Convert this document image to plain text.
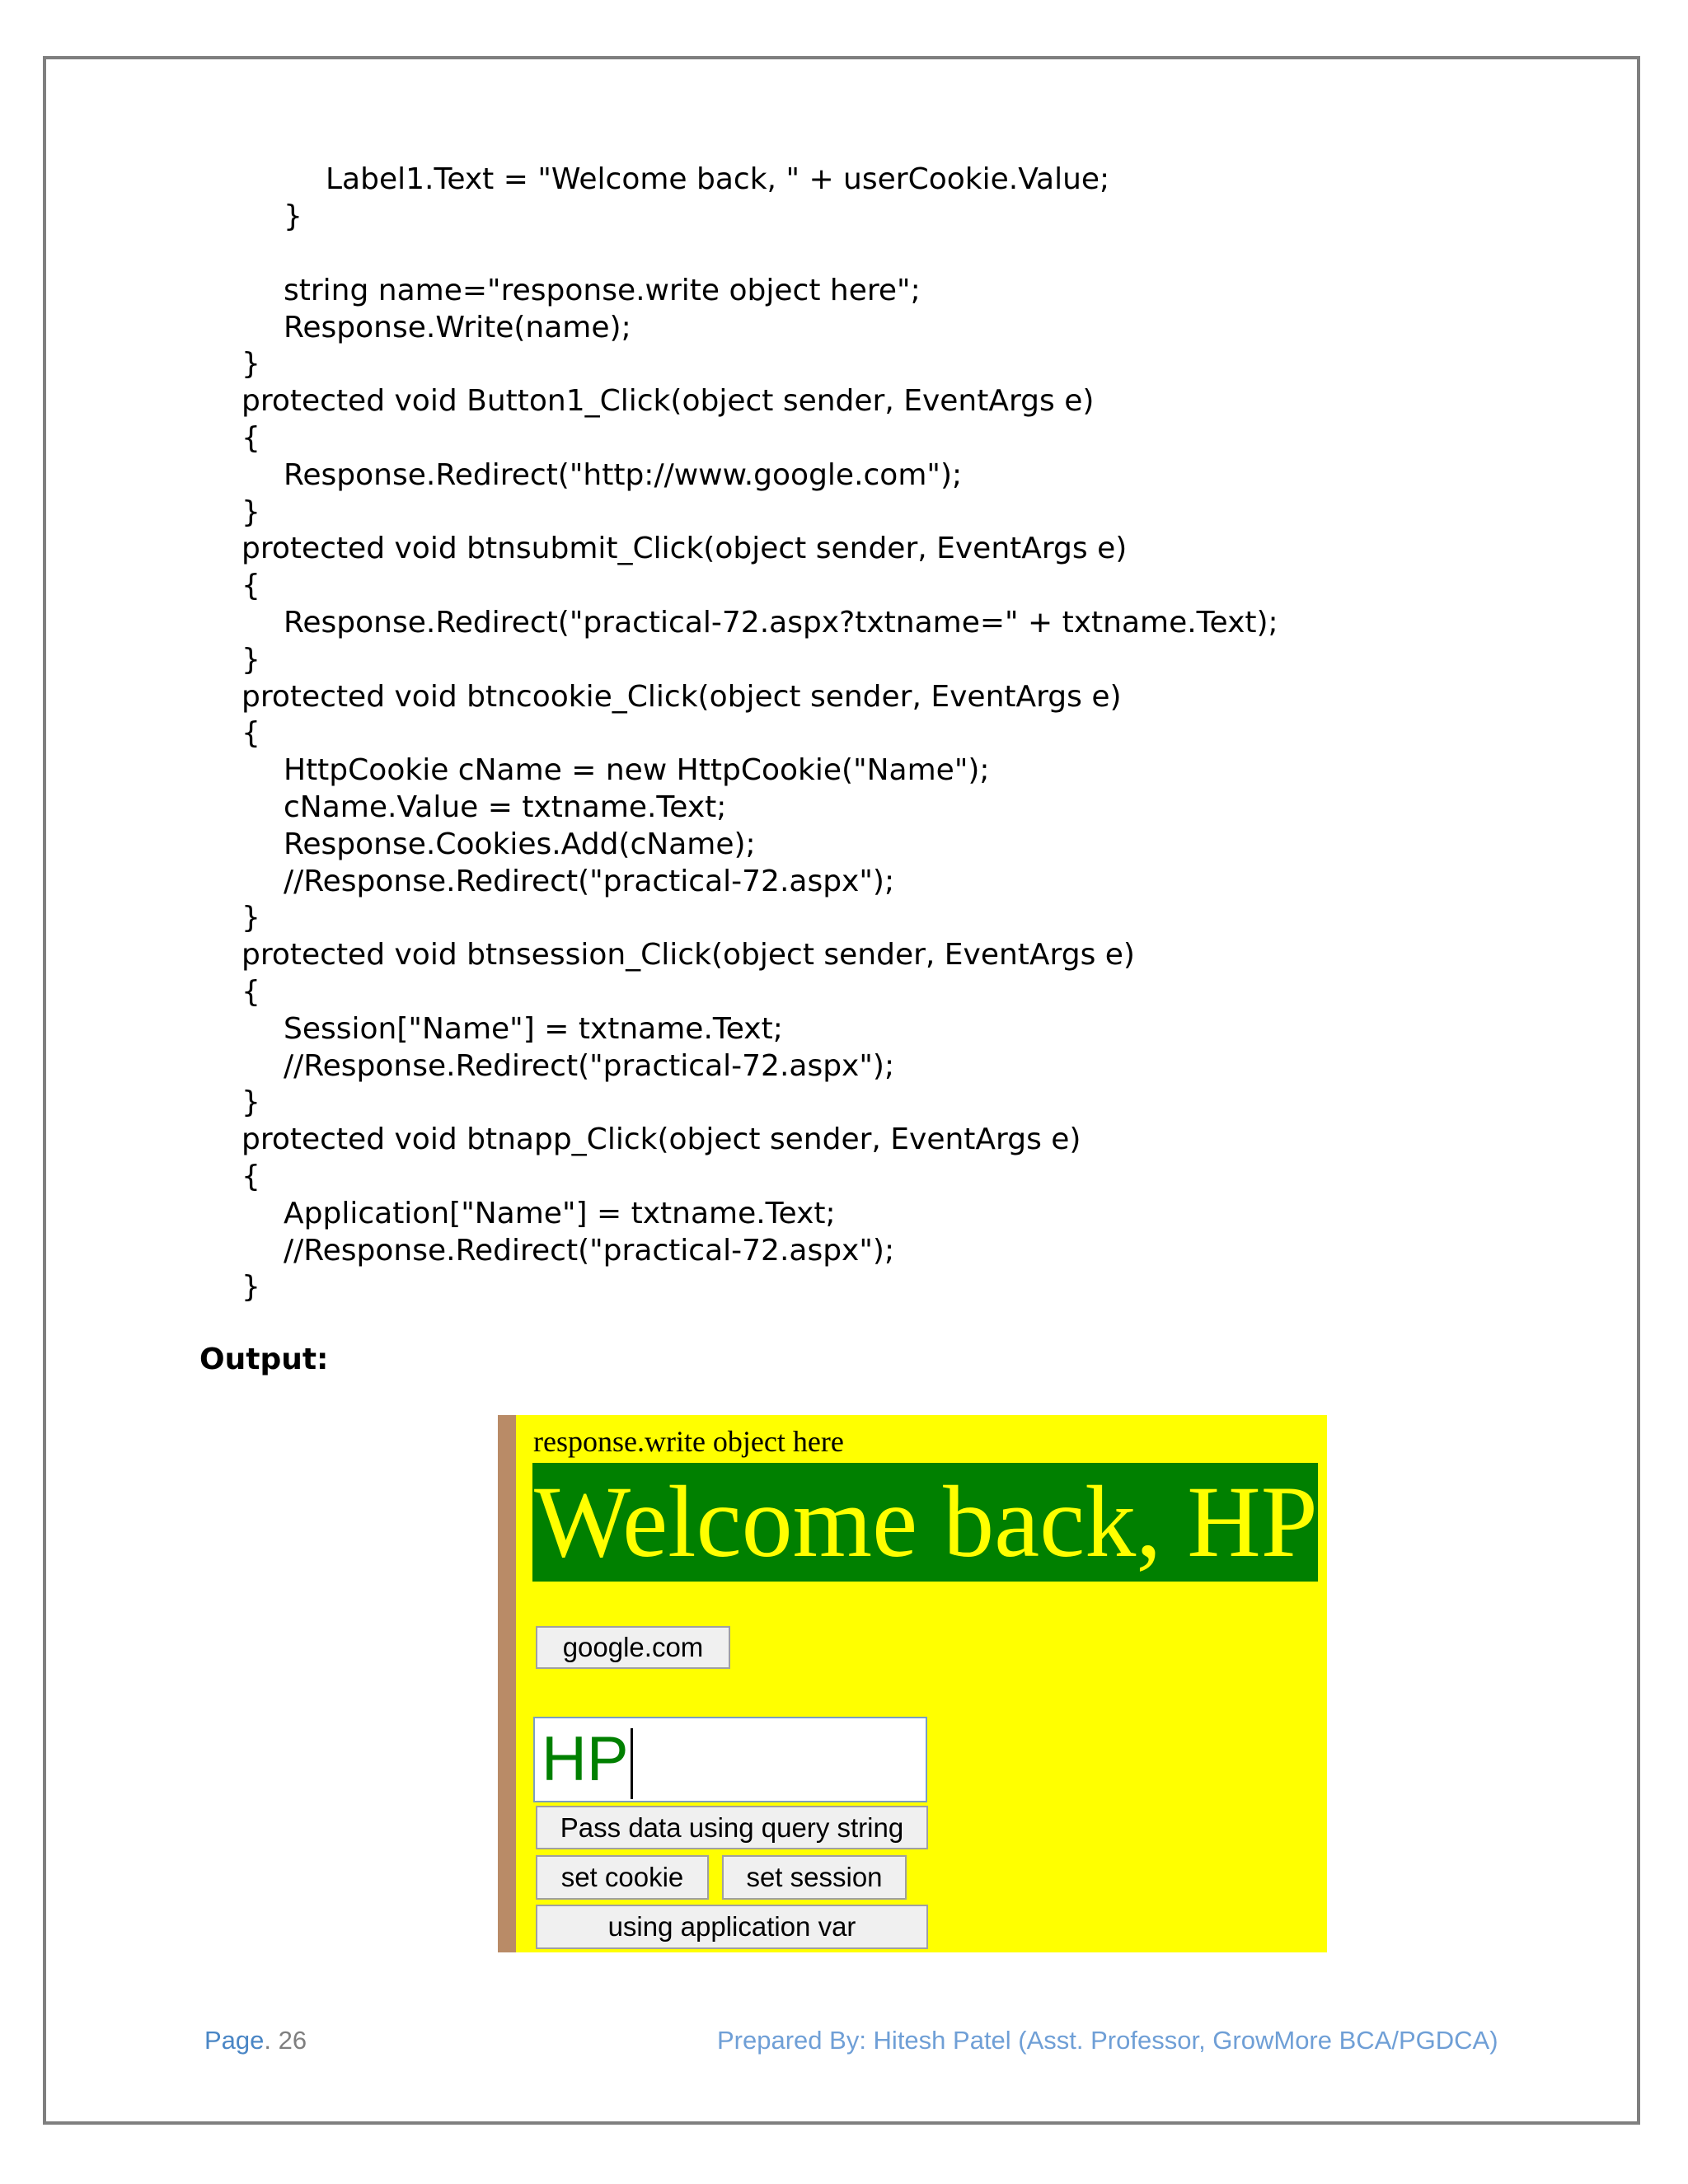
Label1.Text = "Welcome back, " + userCookie.Value;
}
string name="response.write object here";
Response.Write(name);
}
protected void Button1_Click(object sender, EventArgs e)
{
Response.Redirect("http://www.google.com");
}
protected void btnsubmit_Click(object sender, EventArgs e)
{
Response.Redirect("practical-72.aspx?txtname=" + txtname.Text);
}
protected void btncookie_Click(object sender, EventArgs e)
{
HttpCookie cName = new HttpCookie("Name");
cName.Value = txtname.Text;
Response.Cookies.Add(cName);
//Response.Redirect("practical-72.aspx");
}
protected void btnsession_Click(object sender, EventArgs e)
{
Session["Name"] = txtname.Text;
//Response.Redirect("practical-72.aspx");
}
protected void btnapp_Click(object sender, EventArgs e)
{
Application["Name"] = txtname.Text;
//Response.Redirect("practical-72.aspx");
}
Output:
response.write object here
Welcome back, HP
google.com
HP
Pass data using query string
set cookie	set session
using application var
Page. 26	Prepared By: Hitesh Patel (Asst. Professor, GrowMore BCA/PGDCA)
